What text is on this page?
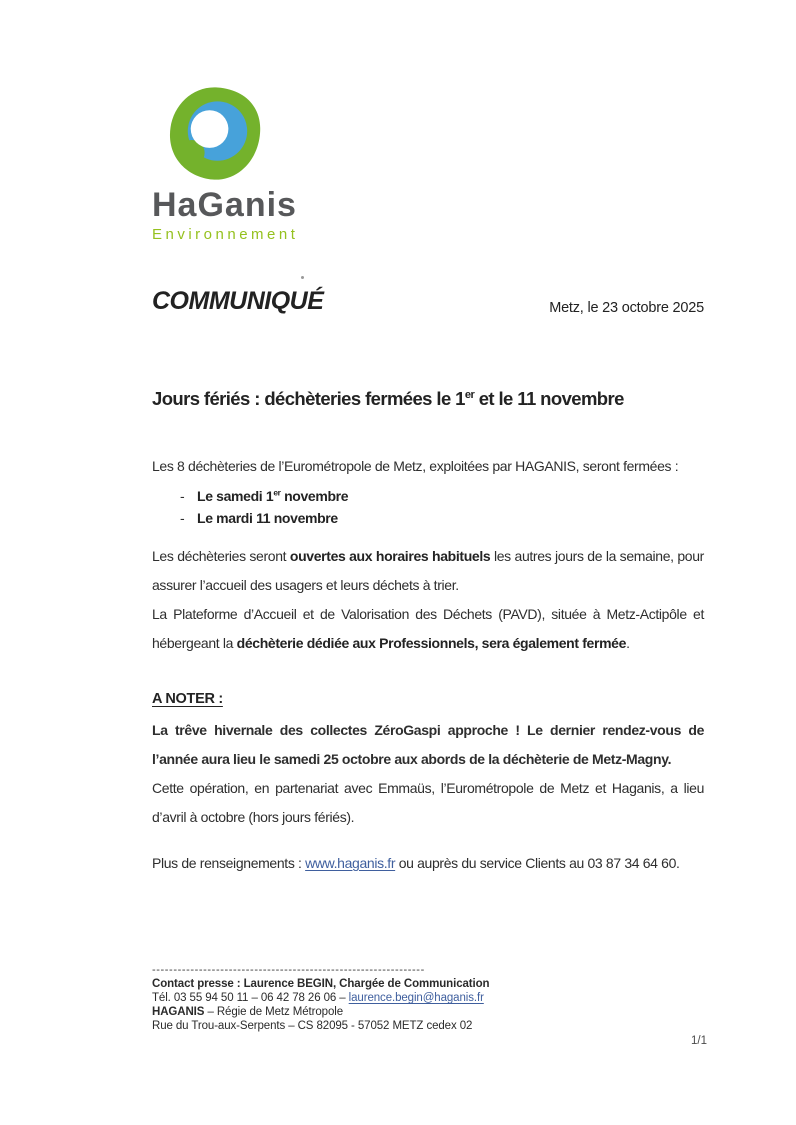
HaGanis
Environnement
COMMUNIQUÉ	Metz, le 23 octobre 2025
Jours fériés : déchèteries fermées le 1er et le 11 novembre

Les 8 déchèteries de l’Eurométropole de Metz, exploitées par HAGANIS, seront fermées :

- Le samedi 1er novembre
- Le mardi 11 novembre

Les déchèteries seront ouvertes aux horaires habituels les autres jours de la semaine, pour assurer l’accueil des usagers et leurs déchets à trier.

La Plateforme d’Accueil et de Valorisation des Déchets (PAVD), située à Metz-Actipôle et hébergeant la déchèterie dédiée aux Professionnels, sera également fermée.

A NOTER :

La trêve hivernale des collectes ZéroGaspi approche ! Le dernier rendez-vous de l’année aura lieu le samedi 25 octobre aux abords de la déchèterie de Metz-Magny.

Cette opération, en partenariat avec Emmaüs, l’Eurométropole de Metz et Haganis, a lieu d’avril à octobre (hors jours fériés).

Plus de renseignements : www.haganis.fr ou auprès du service Clients au 03 87 34 64 60.

----------------------------------------------------------------
Contact presse : Laurence BEGIN, Chargée de Communication
Tél. 03 55 94 50 11 – 06 42 78 26 06 – laurence.begin@haganis.fr
HAGANIS – Régie de Metz Métropole
Rue du Trou-aux-Serpents – CS 82095 - 57052 METZ cedex 02
1/1
